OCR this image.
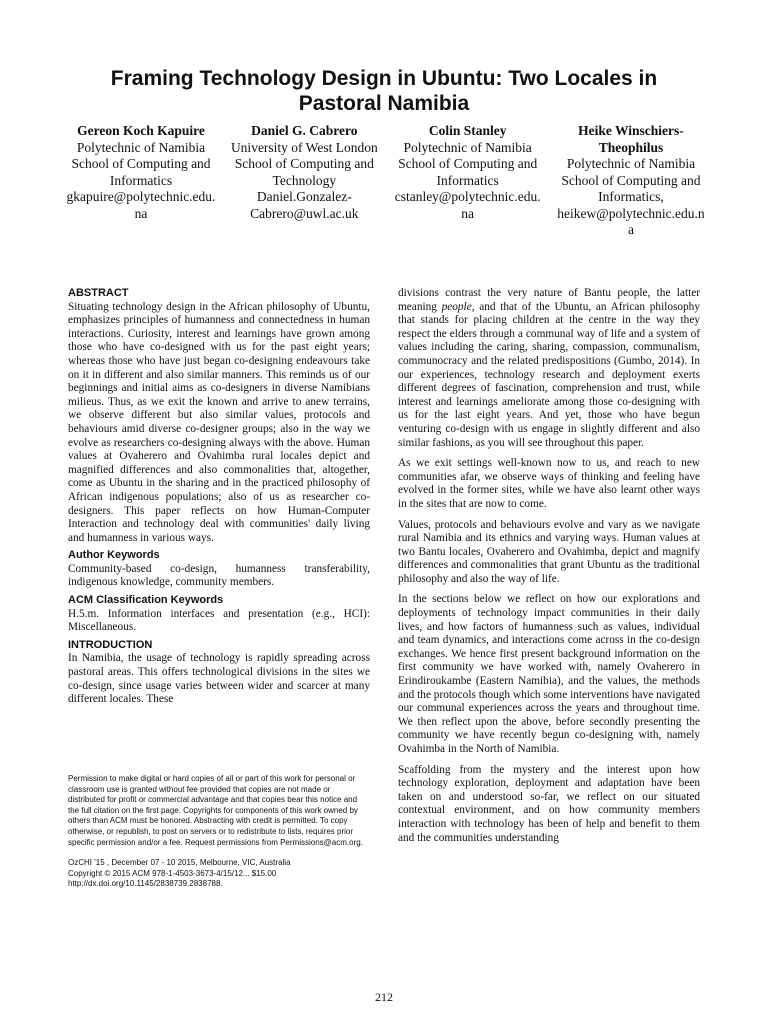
Framing Technology Design in Ubuntu: Two Locales in Pastoral Namibia
Gereon Koch Kapuire
Polytechnic of Namibia
School of Computing and Informatics
gkapuire@polytechnic.edu.na
Daniel G. Cabrero
University of West London
School of Computing and Technology
Daniel.Gonzalez-Cabrero@uwl.ac.uk
Colin Stanley
Polytechnic of Namibia
School of Computing and Informatics
cstanley@polytechnic.edu.na
Heike Winschiers-Theophilus
Polytechnic of Namibia
School of Computing and Informatics,
heikew@polytechnic.edu.na
ABSTRACT

Situating technology design in the African philosophy of Ubuntu, emphasizes principles of humanness and connectedness in human interactions. Curiosity, interest and learnings have grown among those who have co-designed with us for the past eight years; whereas those who have just began co-designing endeavours take on it in different and also similar manners. This reminds us of our beginnings and initial aims as co-designers in diverse Namibians milieus. Thus, as we exit the known and arrive to anew terrains, we observe different but also similar values, protocols and behaviours amid diverse co-designer groups; also in the way we evolve as researchers co-designing always with the above. Human values at Ovaherero and Ovahimba rural locales depict and magnified differences and also commonalities that, altogether, come as Ubuntu in the sharing and in the practiced philosophy of African indigenous populations; also of us as researcher co-designers. This paper reflects on how Human-Computer Interaction and technology deal with communities' daily living and humanness in various ways.

Author Keywords

Community-based co-design, humanness transferability, indigenous knowledge, community members.

ACM Classification Keywords

H.5.m. Information interfaces and presentation (e.g., HCI): Miscellaneous.

INTRODUCTION

In Namibia, the usage of technology is rapidly spreading across pastoral areas. This offers technological divisions in the sites we co-design, since usage varies between wider and scarcer at many different locales. These

Permission to make digital or hard copies of all or part of this work for personal or classroom use is granted without fee provided that copies are not made or distributed for profit or commercial advantage and that copies bear this notice and the full citation on the first page. Copyrights for components of this work owned by others than ACM must be honored. Abstracting with credit is permitted. To copy otherwise, or republish, to post on servers or to redistribute to lists, requires prior specific permission and/or a fee. Request permissions from Permissions@acm.org.

OzCHI '15 , December 07 - 10 2015, Melbourne, VIC, Australia

Copyright © 2015 ACM 978-1-4503-3673-4/15/12... $15.00

http://dx.doi.org/10.1145/2838739.2838788.

divisions contrast the very nature of Bantu people, the latter meaning people, and that of the Ubuntu, an African philosophy that stands for placing children at the centre in the way they respect the elders through a communal way of life and a system of values including the caring, sharing, compassion, communalism, communocracy and the related predispositions (Gumbo, 2014). In our experiences, technology research and deployment exerts different degrees of fascination, comprehension and trust, while interest and learnings ameliorate among those co-designing with us for the last eight years. And yet, those who have begun venturing co-design with us engage in slightly different and also similar fashions, as you will see throughout this paper.

As we exit settings well-known now to us, and reach to new communities afar, we observe ways of thinking and feeling have evolved in the former sites, while we have also learnt other ways in the sites that are now to come.

Values, protocols and behaviours evolve and vary as we navigate rural Namibia and its ethnics and varying ways. Human values at two Bantu locales, Ovaherero and Ovahimba, depict and magnify differences and commonalities that grant Ubuntu as the traditional philosophy and also the way of life.

In the sections below we reflect on how our explorations and deployments of technology impact communities in their daily lives, and how factors of humanness such as values, individual and team dynamics, and interactions come across in the co-design exchanges. We hence first present background information on the first community we have worked with, namely Ovaherero in Erindiroukambe (Eastern Namibia), and the values, the methods and the protocols though which some interventions have navigated our communal experiences across the years and throughout time. We then reflect upon the above, before secondly presenting the community we have recently begun co-designing with, namely Ovahimba in the North of Namibia.

Scaffolding from the mystery and the interest upon how technology exploration, deployment and adaptation have been taken on and understood so-far, we reflect on our situated contextual environment, and on how community members interaction with technology has been of help and benefit to them and the communities understanding

212
